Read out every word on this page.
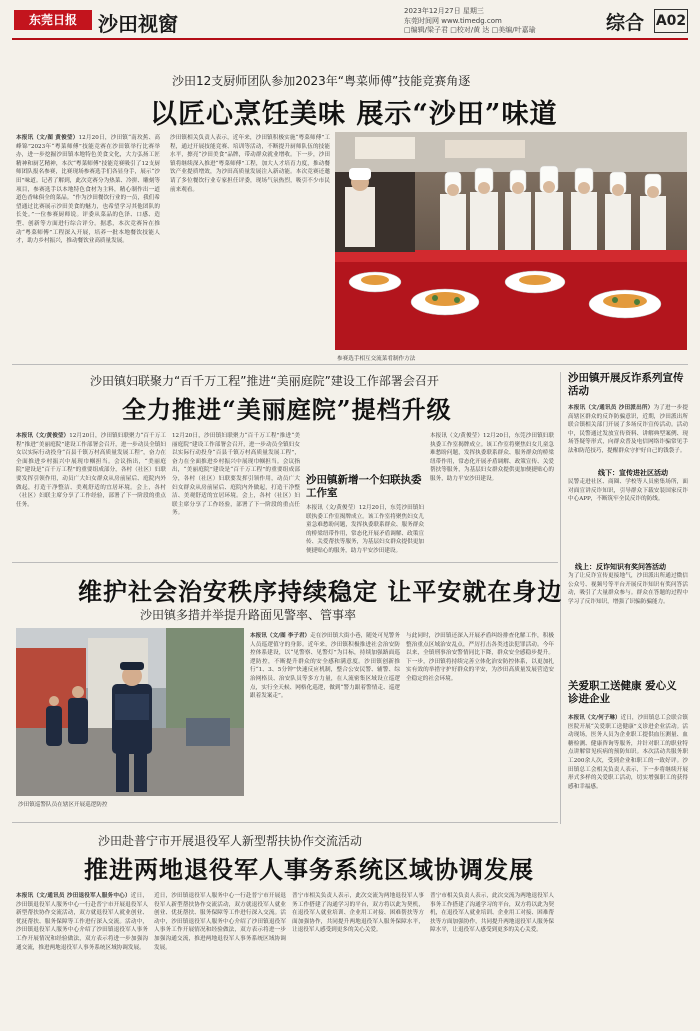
东莞日报	沙田视窗
2023年12月27日 星期三
东莞时间网 www.timedg.com
□编辑/梁子君 □校对/黄 达 □美编/叶嘉瑜	综合 A02
沙田12支厨师团队参加2023年“粤菜师傅”技能竞赛角逐
以匠心烹饪美味 展示“沙田”味道
本报讯（文/图 黄俊莹）12月20日，沙田镇“南玫蕉、高峰锦”2023年“粤菜师傅”技能竞赛在沙田镇举行比赛举办，进一步挖掘沙田镇本地特色美食文化，大力弘扬工匠精神和厨艺精神，本次“粤菜师傅”技能竞赛吸引了12支厨师团队报名参赛，比赛现场参赛选手们各显身手，展示“沙田”味道。记者了解到，此次竞赛分为热菜、冷拼、雕刻等项目，参赛选手以本地特色食材为主料，精心制作出一道道色香味俱全的菜品。“作为沙田餐饮行业的一员，我们希望通过比赛展示沙田美食的魅力，也希望学习其他团队的长处。”一位参赛厨师说。评委从菜品的色泽、口感、造型、创新等方面进行综合评分。据悉，本次竞赛旨在推动“粤菜师傅”工程深入开展，培养一批本地餐饮技能人才，助力乡村振兴，推动餐饮业高质量发展。
沙田镇相关负责人表示，近年来，沙田镇积极实施“粤菜师傅”工程，通过开展技能竞赛、培训等活动，不断提升厨师队伍的技能水平，擦亮“沙田美食”品牌，带动群众就业增收。下一步，沙田镇将继续深入推进“粤菜师傅”工程，加大人才培育力度，推动餐饮产业提质增效，为沙田高质量发展注入新动能。本次竞赛还邀请了多位餐饮行业专家担任评委，现场气氛热烈，吸引不少市民前来观看。
参赛选手相互交流菜肴制作方法
沙田镇妇联聚力“百千万工程”推进“美丽庭院”建设工作部署会召开
全力推进“美丽庭院”提档升级
本报讯（文/黄俊莹）12月20日，沙田镇妇联聚力“百千万工程”推进“美丽庭院”建设工作部署会召开，进一步动员全镇妇女以实际行动投身“百县千镇万村高质量发展工程”，奋力在全面推进乡村振兴中展现巾帼担当。会议指出，“美丽庭院”建设是“百千万工程”的重要组成部分，各村（社区）妇联要发挥引领作用，动员广大妇女群众从房前屋后、庭院内外做起，打造干净整洁、美观舒适的宜居环境。会上，各村（社区）妇联主席分享了工作经验，部署了下一阶段的重点任务。
12月20日，沙田镇妇联聚力“百千万工程”推进“美丽庭院”建设工作部署会召开，进一步动员全镇妇女以实际行动投身“百县千镇万村高质量发展工程”，奋力在全面推进乡村振兴中展现巾帼担当。会议指出，“美丽庭院”建设是“百千万工程”的重要组成部分，各村（社区）妇联要发挥引领作用，动员广大妇女群众从房前屋后、庭院内外做起，打造干净整洁、美观舒适的宜居环境。会上，各村（社区）妇联主席分享了工作经验，部署了下一阶段的重点任务。
沙田镇新增一个妇联执委工作室
本报讯（文/黄俊莹）12月20日，东莞沙田镇妇联执委工作室揭牌成立。该工作室将聚焦妇女儿童急难愁盼问题，发挥执委联系群众、服务群众的桥梁纽带作用，常态化开展矛盾调解、政策宣传、关爱帮扶等服务，为基层妇女群众提供更加便捷贴心的服务，助力平安沙田建设。
本报讯（文/黄俊莹）12月20日，东莞沙田镇妇联执委工作室揭牌成立。该工作室将聚焦妇女儿童急难愁盼问题，发挥执委联系群众、服务群众的桥梁纽带作用，常态化开展矛盾调解、政策宣传、关爱帮扶等服务，为基层妇女群众提供更加便捷贴心的服务，助力平安沙田建设。
沙田镇开展反诈系列宣传活动
本报讯（文/通讯员 沙田派出所）为了进一步提高辖区群众的反诈防骗意识，近期，沙田派出所联合镇相关部门开展了多场反诈宣传活动。活动中，民警通过发放宣传资料、讲解典型案例、现场答疑等形式，向群众普及电信网络诈骗常见手法和防范技巧，提醒群众守护好自己的钱袋子。
线下：宣传进社区活动
民警走进社区、商圈、学校等人员密集场所，面对面宣讲反诈知识，引导群众下载安装国家反诈中心APP，不断筑牢全民反诈的防线。
线上：反诈知识有奖问答活动
为了让反诈宣传更接地气，沙田派出所通过微信公众号、视频号等平台开展反诈知识有奖问答活动，吸引了大量群众参与。群众在答题的过程中学习了反诈知识，增强了识骗防骗能力。
维护社会治安秩序持续稳定 让平安就在身边
沙田镇多措并举提升路面见警率、管事率
沙田镇巡警队员在辖区开展巡逻防控
本报讯（文/图 李子君）走在沙田镇大街小巷，随处可见警务人员巡逻值守的身影。近年来，沙田镇积极推进社会治安防控体系建设，以“见警察、见警灯”为目标，持续加强路面巡逻防控，不断提升群众的安全感和满意度。沙田镇创新推行“1、3、5分钟”快速反应机制，整合公安民警、辅警、综治网格员、治安队员等多方力量，在人流密集区域设立巡逻点，实行全天候、网格化巡逻，做到“警力跟着警情走、巡逻跟着发案走”。
与此同时，沙田镇还深入开展矛盾纠纷排查化解工作，积极整治重点区域治安乱点，严厉打击各类违法犯罪活动。今年以来，全镇刑事治安警情同比下降，群众安全感稳步提升。下一步，沙田镇将持续完善立体化治安防控体系，以更加扎实有效的举措守护好群众的平安，为沙田高质量发展营造安全稳定的社会环境。
关爱职工送健康 爱心义诊进企业
本报讯（文/何子琳）近日，沙田镇总工会联合镇医院开展“关爱职工送健康”义诊进企业活动。活动现场，医务人员为企业职工提供血压测量、血糖检测、健康咨询等服务，并针对职工的职业特点讲解常见疾病的预防知识。本次活动共服务职工200余人次，受到企业和职工的一致好评。沙田镇总工会相关负责人表示，下一步将继续开展形式多样的关爱职工活动，切实增强职工的获得感和幸福感。
沙田赴普宁市开展退役军人新型帮扶协作交流活动
推进两地退役军人事务系统区域协调发展
本报讯（文/通讯员 沙田退役军人服务中心）近日，沙田镇退役军人服务中心一行赴普宁市开展退役军人新型帮扶协作交流活动，双方就退役军人就业创业、优抚帮扶、服务保障等工作进行深入交流。活动中，沙田镇退役军人服务中心介绍了沙田镇退役军人事务工作开展情况和经验做法，双方表示将进一步加强沟通交流，推进两地退役军人事务系统区域协调发展。
近日，沙田镇退役军人服务中心一行赴普宁市开展退役军人新型帮扶协作交流活动，双方就退役军人就业创业、优抚帮扶、服务保障等工作进行深入交流。活动中，沙田镇退役军人服务中心介绍了沙田镇退役军人事务工作开展情况和经验做法，双方表示将进一步加强沟通交流，推进两地退役军人事务系统区域协调发展。
普宁市相关负责人表示，此次交流为两地退役军人事务工作搭建了沟通学习的平台，双方将以此为契机，在退役军人就业培训、企业用工对接、困难帮扶等方面加强协作，共同提升两地退役军人服务保障水平，让退役军人感受到更多的关心关爱。
普宁市相关负责人表示，此次交流为两地退役军人事务工作搭建了沟通学习的平台，双方将以此为契机，在退役军人就业培训、企业用工对接、困难帮扶等方面加强协作，共同提升两地退役军人服务保障水平，让退役军人感受到更多的关心关爱。
